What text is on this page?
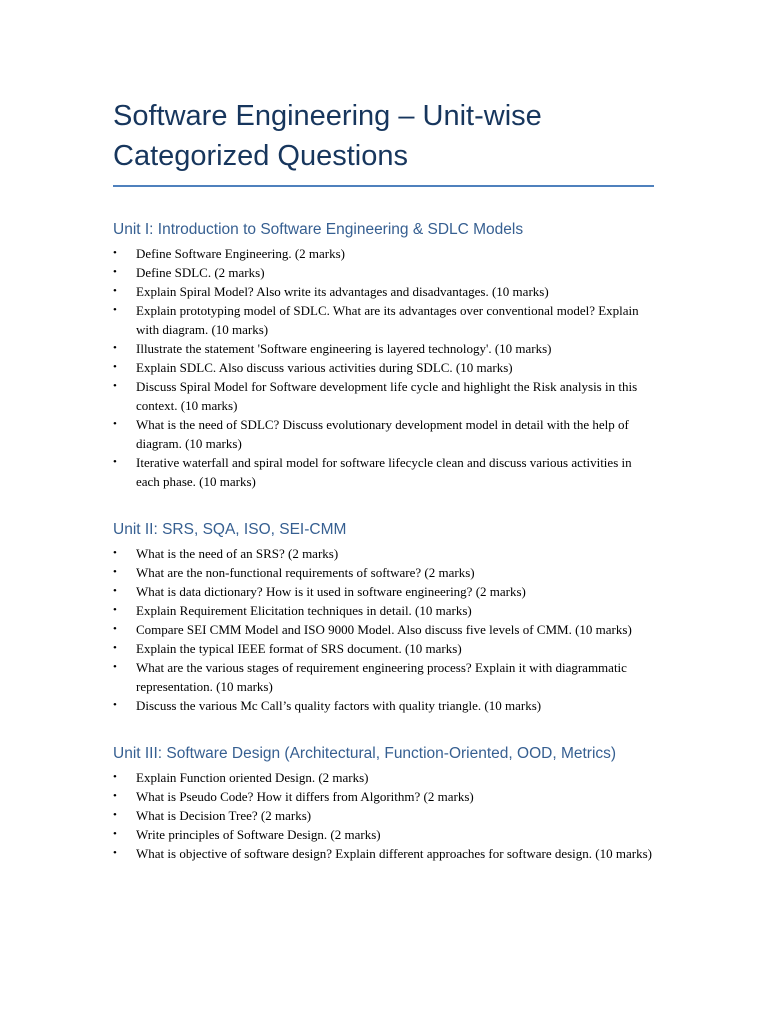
Software Engineering – Unit-wise Categorized Questions
Unit I: Introduction to Software Engineering & SDLC Models
• Define Software Engineering. (2 marks)
• Define SDLC. (2 marks)
• Explain Spiral Model? Also write its advantages and disadvantages. (10 marks)
• Explain prototyping model of SDLC. What are its advantages over conventional model? Explain with diagram. (10 marks)
• Illustrate the statement 'Software engineering is layered technology'. (10 marks)
• Explain SDLC. Also discuss various activities during SDLC. (10 marks)
• Discuss Spiral Model for Software development life cycle and highlight the Risk analysis in this context. (10 marks)
• What is the need of SDLC? Discuss evolutionary development model in detail with the help of diagram. (10 marks)
• Iterative waterfall and spiral model for software lifecycle clean and discuss various activities in each phase. (10 marks)
Unit II: SRS, SQA, ISO, SEI-CMM
• What is the need of an SRS? (2 marks)
• What are the non-functional requirements of software? (2 marks)
• What is data dictionary? How is it used in software engineering? (2 marks)
• Explain Requirement Elicitation techniques in detail. (10 marks)
• Compare SEI CMM Model and ISO 9000 Model. Also discuss five levels of CMM. (10 marks)
• Explain the typical IEEE format of SRS document. (10 marks)
• What are the various stages of requirement engineering process? Explain it with diagrammatic representation. (10 marks)
• Discuss the various Mc Call’s quality factors with quality triangle. (10 marks)
Unit III: Software Design (Architectural, Function-Oriented, OOD, Metrics)
• Explain Function oriented Design. (2 marks)
• What is Pseudo Code? How it differs from Algorithm? (2 marks)
• What is Decision Tree? (2 marks)
• Write principles of Software Design. (2 marks)
• What is objective of software design? Explain different approaches for software design. (10 marks)
